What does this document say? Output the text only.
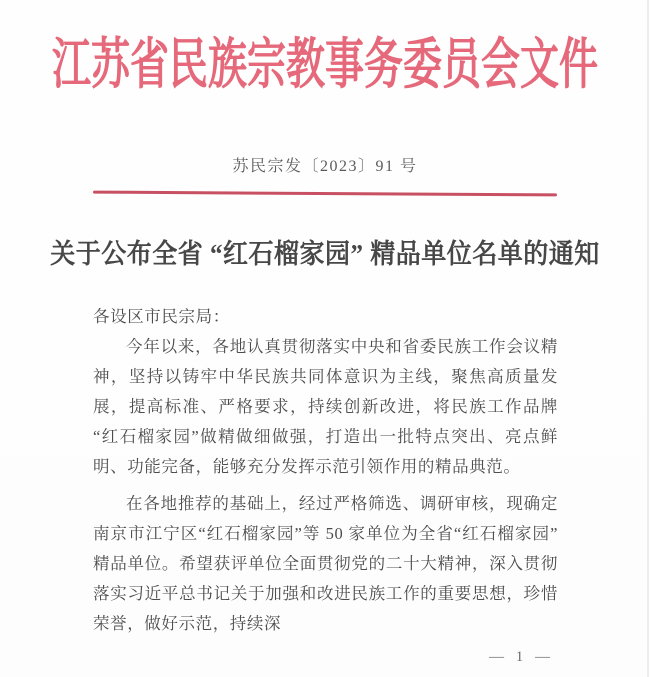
江苏省民族宗教事务委员会文件
苏民宗发〔2023〕91 号
关于公布全省 “红石榴家园” 精品单位名单的通知

各设区市民宗局：

今年以来，各地认真贯彻落实中央和省委民族工作会议精神，坚持以铸牢中华民族共同体意识为主线，聚焦高质量发展，提高标准、严格要求，持续创新改进，将民族工作品牌“红石榴家园”做精做细做强，打造出一批特点突出、亮点鲜明、功能完备，能够充分发挥示范引领作用的精品典范。

在各地推荐的基础上，经过严格筛选、调研审核，现确定南京市江宁区“红石榴家园”等 50 家单位为全省“红石榴家园”精品单位。希望获评单位全面贯彻党的二十大精神，深入贯彻落实习近平总书记关于加强和改进民族工作的重要思想，珍惜荣誉，做好示范，持续深

— 1 —
